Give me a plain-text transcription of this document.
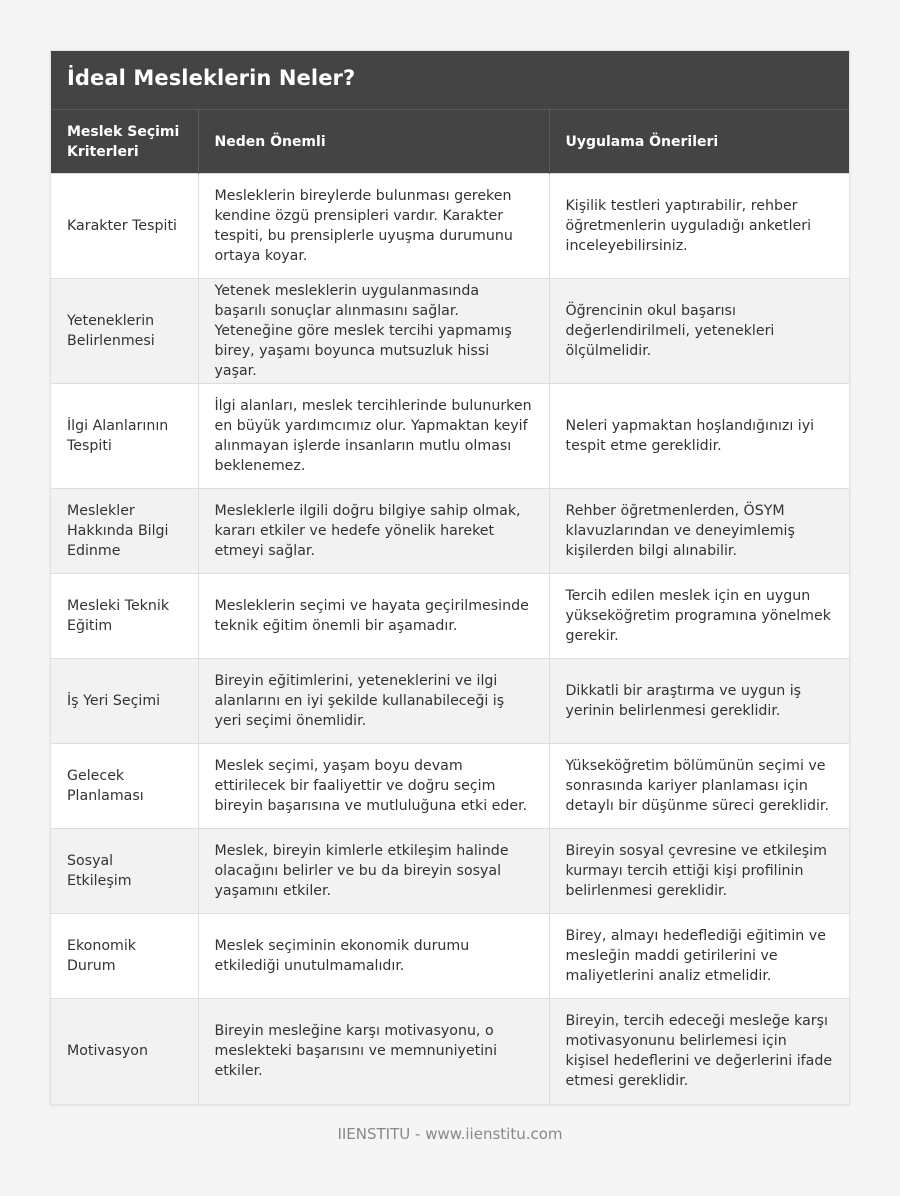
İdeal Mesleklerin Neler?
Meslek Seçimi Kriterleri	Neden Önemli	Uygulama Önerileri
Karakter Tespiti	Mesleklerin bireylerde bulunması gereken kendine özgü prensipleri vardır. Karakter tespiti, bu prensiplerle uyuşma durumunu ortaya koyar.	Kişilik testleri yaptırabilir, rehber öğretmenlerin uyguladığı anketleri inceleyebilirsiniz.
Yeteneklerin Belirlenmesi	Yetenek mesleklerin uygulanmasında başarılı sonuçlar alınmasını sağlar. Yeteneğine göre meslek tercihi yapmamış birey, yaşamı boyunca mutsuzluk hissi yaşar.	Öğrencinin okul başarısı değerlendirilmeli, yetenekleri ölçülmelidir.
İlgi Alanlarının Tespiti	İlgi alanları, meslek tercihlerinde bulunurken en büyük yardımcımız olur. Yapmaktan keyif alınmayan işlerde insanların mutlu olması beklenemez.	Neleri yapmaktan hoşlandığınızı iyi tespit etme gereklidir.
Meslekler Hakkında Bilgi Edinme	Mesleklerle ilgili doğru bilgiye sahip olmak, kararı etkiler ve hedefe yönelik hareket etmeyi sağlar.	Rehber öğretmenlerden, ÖSYM klavuzlarından ve deneyimlemiş kişilerden bilgi alınabilir.
Mesleki Teknik Eğitim	Mesleklerin seçimi ve hayata geçirilmesinde teknik eğitim önemli bir aşamadır.	Tercih edilen meslek için en uygun yükseköğretim programına yönelmek gerekir.
İş Yeri Seçimi	Bireyin eğitimlerini, yeteneklerini ve ilgi alanlarını en iyi şekilde kullanabileceği iş yeri seçimi önemlidir.	Dikkatli bir araştırma ve uygun iş yerinin belirlenmesi gereklidir.
Gelecek Planlaması	Meslek seçimi, yaşam boyu devam ettirilecek bir faaliyettir ve doğru seçim bireyin başarısına ve mutluluğuna etki eder.	Yükseköğretim bölümünün seçimi ve sonrasında kariyer planlaması için detaylı bir düşünme süreci gereklidir.
Sosyal Etkileşim	Meslek, bireyin kimlerle etkileşim halinde olacağını belirler ve bu da bireyin sosyal yaşamını etkiler.	Bireyin sosyal çevresine ve etkileşim kurmayı tercih ettiği kişi profilinin belirlenmesi gereklidir.
Ekonomik Durum	Meslek seçiminin ekonomik durumu etkilediği unutulmamalıdır.	Birey, almayı hedeflediği eğitimin ve mesleğin maddi getirilerini ve maliyetlerini analiz etmelidir.
Motivasyon	Bireyin mesleğine karşı motivasyonu, o meslekteki başarısını ve memnuniyetini etkiler.	Bireyin, tercih edeceği mesleğe karşı motivasyonunu belirlemesi için kişisel hedeflerini ve değerlerini ifade etmesi gereklidir.
IIENSTITU - www.iienstitu.com
